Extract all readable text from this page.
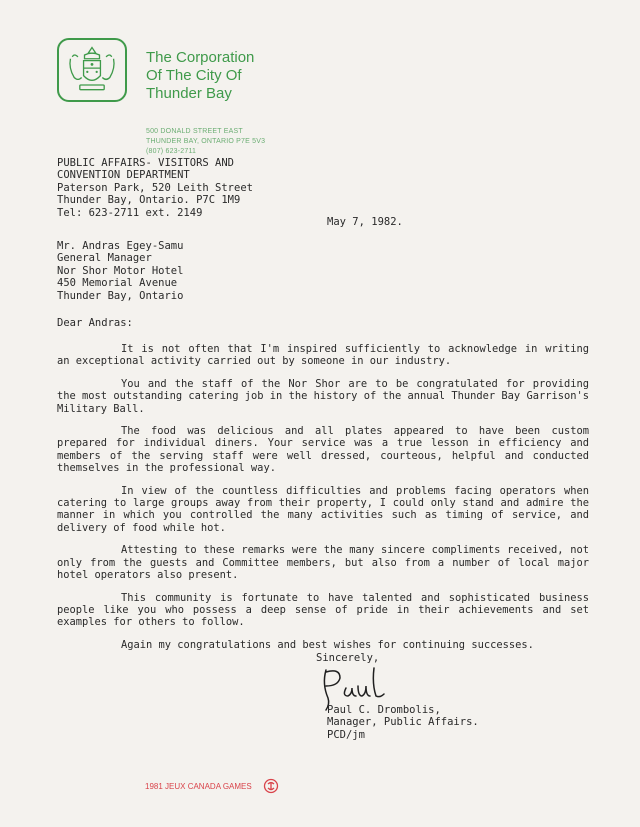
The Corporation
Of The City Of
Thunder Bay
500 DONALD STREET EAST
THUNDER BAY, ONTARIO P7E 5V3
(807) 623-2711
PUBLIC AFFAIRS- VISITORS AND
CONVENTION DEPARTMENT
Paterson Park, 520 Leith Street
Thunder Bay, Ontario. P7C 1M9
Tel: 623-2711 ext. 2149
May 7, 1982.
Mr. Andras Egey-Samu
General Manager
Nor Shor Motor Hotel
450 Memorial Avenue
Thunder Bay, Ontario
Dear Andras:

It is not often that I'm inspired sufficiently to acknowledge in writing an exceptional activity carried out by someone in our industry.

You and the staff of the Nor Shor are to be congratulated for providing the most outstanding catering job in the history of the annual Thunder Bay Garrison's Military Ball.

The food was delicious and all plates appeared to have been custom prepared for individual diners. Your service was a true lesson in efficiency and members of the serving staff were well dressed, courteous, helpful and conducted themselves in the professional way.

In view of the countless difficulties and problems facing operators when catering to large groups away from their property, I could only stand and admire the manner in which you controlled the many activities such as timing of service, and delivery of food while hot.

Attesting to these remarks were the many sincere compliments received, not only from the guests and Committee members, but also from a number of local major hotel operators also present.

This community is fortunate to have talented and sophisticated business people like you who possess a deep sense of pride in their achievements and set examples for others to follow.

Again my congratulations and best wishes for continuing successes.

Sincerely,
Paul C. Drombolis,
Manager, Public Affairs.
PCD/jm
1981 JEUX CANADA GAMES
